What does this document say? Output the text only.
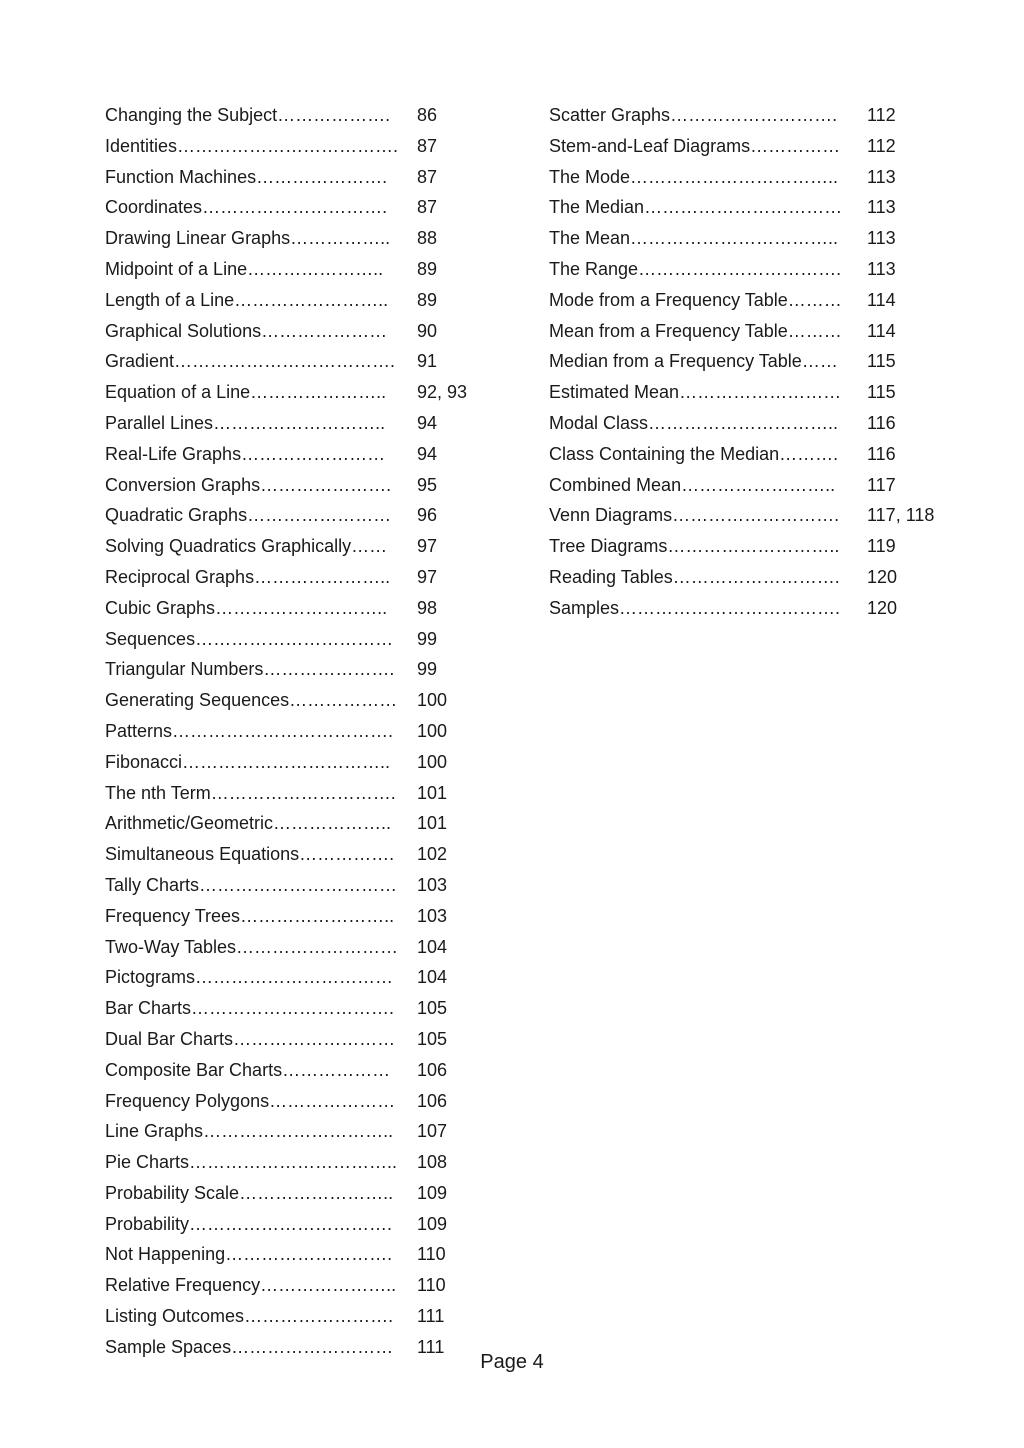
Changing the Subject……………….	86
Identities……………………………….	87
Function Machines………………….	87
Coordinates………………………….	87
Drawing Linear Graphs……………..	88
Midpoint of a Line…………………..	89
Length of a Line……………………..	89
Graphical Solutions…………………	90
Gradient……………………………….	91
Equation of a Line…………………..	92, 93
Parallel Lines………………………..	94
Real-Life Graphs……………………	94
Conversion Graphs………………….	95
Quadratic Graphs……………………	96
Solving Quadratics Graphically……	97
Reciprocal Graphs…………………..	97
Cubic Graphs………………………..	98
Sequences……………………………	99
Triangular Numbers………………….	99
Generating Sequences………………	100
Patterns……………………………….	100
Fibonacci……………………………..	100
The nth Term………………………….	101
Arithmetic/Geometric………………..	101
Simultaneous Equations…………….	102
Tally Charts……………………………	103
Frequency Trees……………………..	103
Two-Way Tables………………………	104
Pictograms……………………………	104
Bar Charts…………………………….	105
Dual Bar Charts………………………	105
Composite Bar Charts………………	106
Frequency Polygons…………………	106
Line Graphs…………………………..	107
Pie Charts……………………………..	108
Probability Scale……………………..	109
Probability…………………………….	109
Not Happening……………………….	110
Relative Frequency…………………..	110
Listing Outcomes…………………….	111
Sample Spaces………………………	111
Scatter Graphs……………………….	112
Stem-and-Leaf Diagrams……………	112
The Mode……………………………..	113
The Median……………………………	113
The Mean……………………………..	113
The Range…………………………….	113
Mode from a Frequency Table………	114
Mean from a Frequency Table………	114
Median from a Frequency Table……	115
Estimated Mean………………………	115
Modal Class…………………………..	116
Class Containing the Median……….	116
Combined Mean……………………..	117
Venn Diagrams……………………….	117, 118
Tree Diagrams………………………..	119
Reading Tables……………………….	120
Samples……………………………….	120
Page 4
